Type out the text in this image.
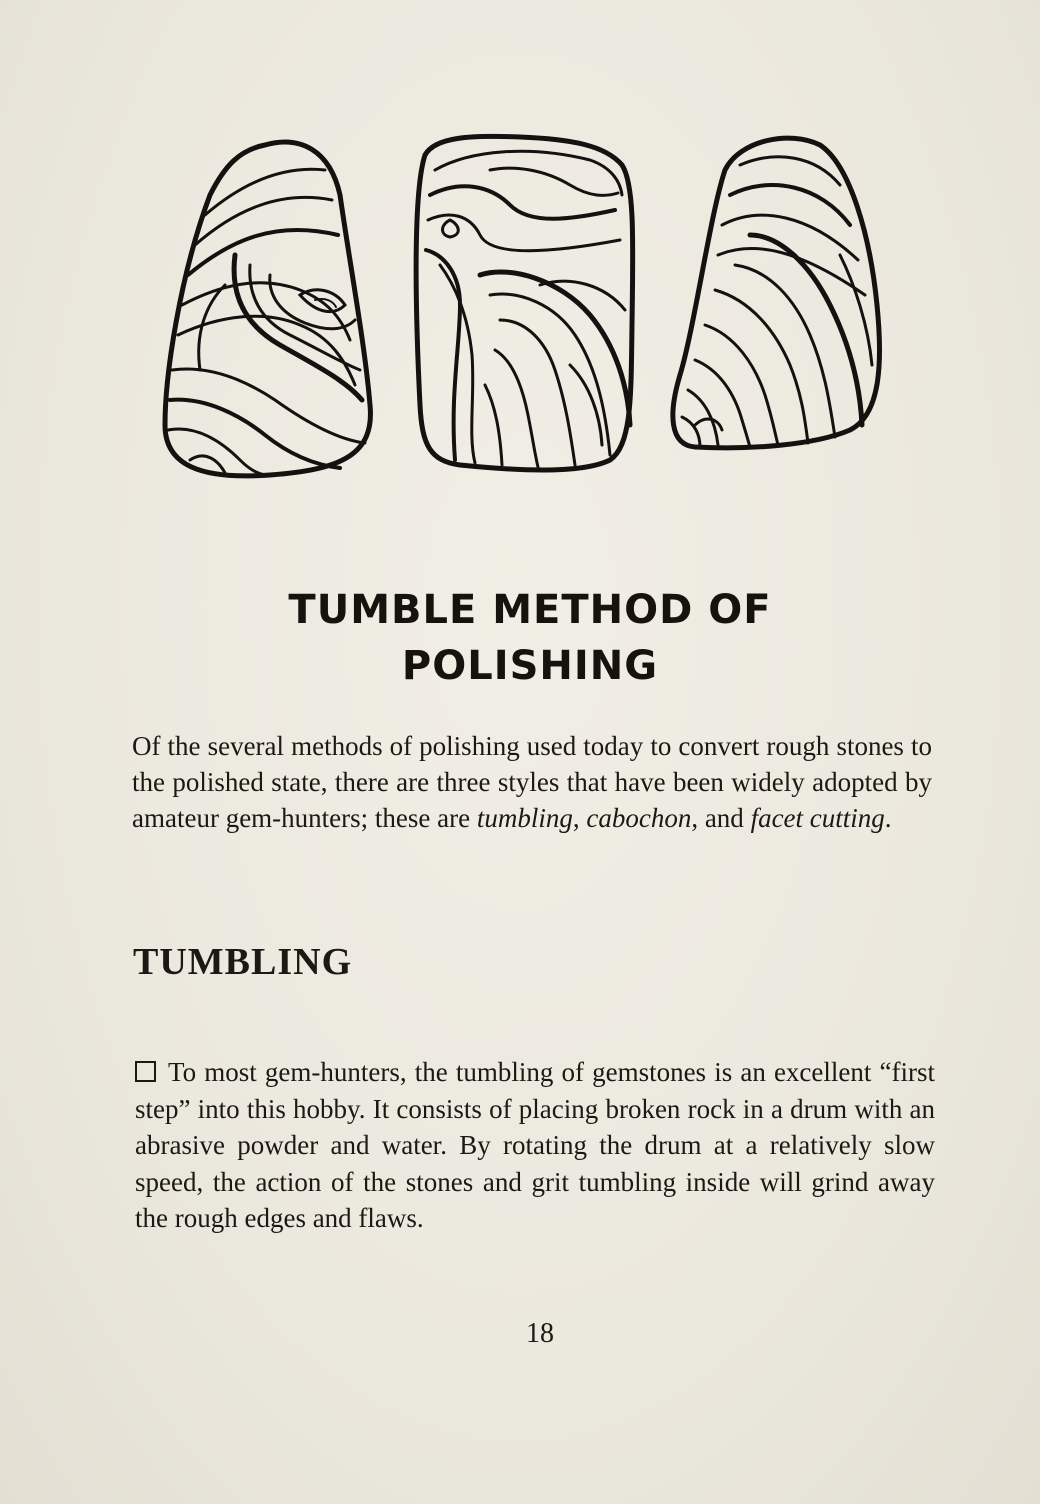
TUMBLE METHOD OF
POLISHING

Of the several methods of polishing used today to convert rough stones to the polished state, there are three styles that have been widely adopted by amateur gem-hunters; these are tumbling, cabochon, and facet cutting.

TUMBLING

To most gem-hunters, the tumbling of gemstones is an excellent “first step” into this hobby. It consists of placing broken rock in a drum with an abrasive powder and water. By rotating the drum at a relatively slow speed, the action of the stones and grit tumbling inside will grind away the rough edges and flaws.

18
